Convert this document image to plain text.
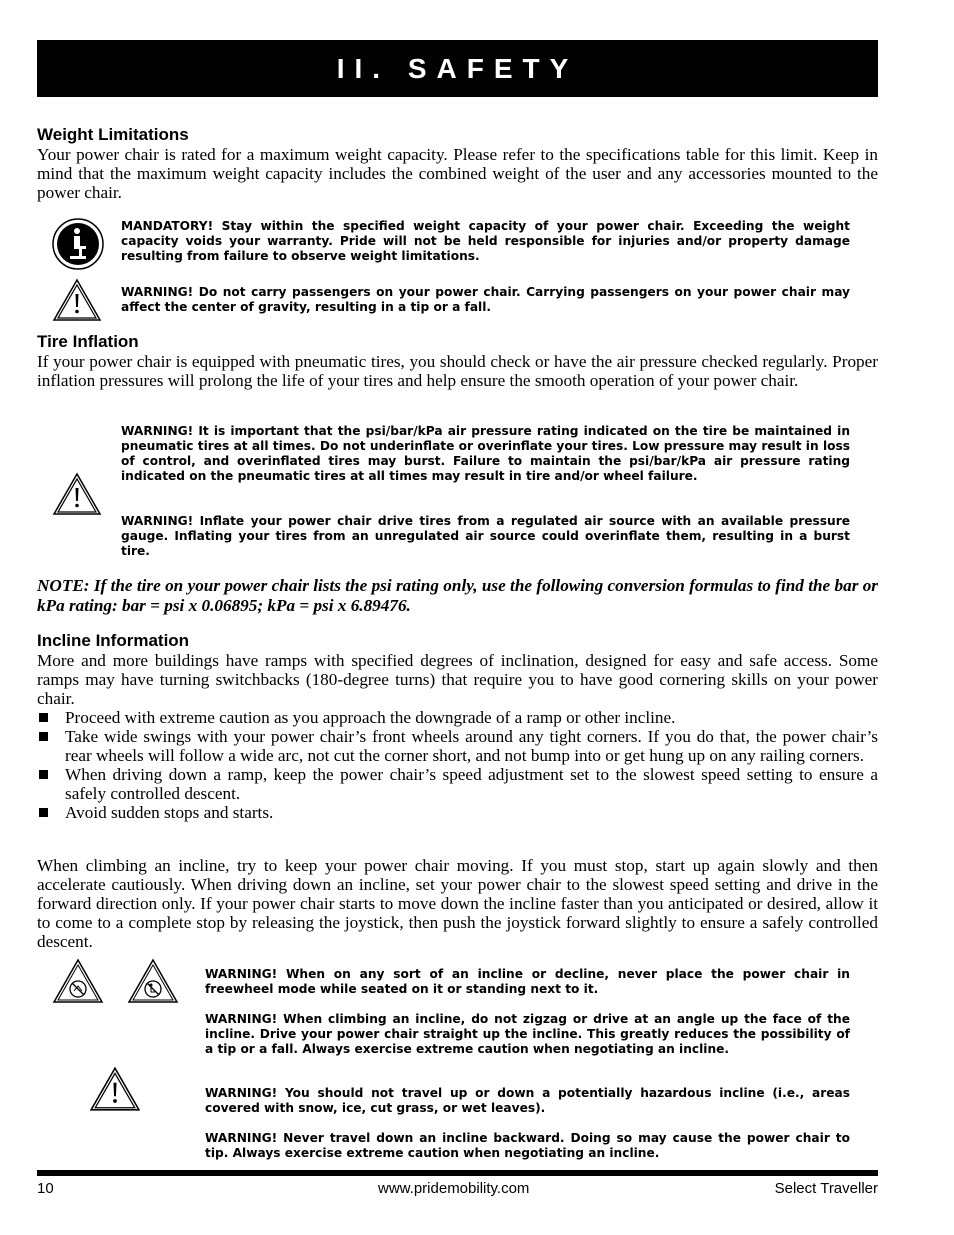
II. SAFETY
Weight Limitations

Your power chair is rated for a maximum weight capacity. Please refer to the specifications table for this limit. Keep in mind that the maximum weight capacity includes the combined weight of the user and any accessories mounted to the power chair.

MANDATORY! Stay within the specified weight capacity of your power chair. Exceeding the weight capacity voids your warranty. Pride will not be held responsible for injuries and/or property damage resulting from failure to observe weight limitations.

WARNING! Do not carry passengers on your power chair. Carrying passengers on your power chair may affect the center of gravity, resulting in a tip or a fall.

Tire Inflation

If your power chair is equipped with pneumatic tires, you should check or have the air pressure checked regularly. Proper inflation pressures will prolong the life of your tires and help ensure the smooth operation of your power chair.

WARNING! It is important that the psi/bar/kPa air pressure rating indicated on the tire be maintained in pneumatic tires at all times. Do not underinflate or overinflate your tires. Low pressure may result in loss of control, and overinflated tires may burst. Failure to maintain the psi/bar/kPa air pressure rating indicated on the pneumatic tires at all times may result in tire and/or wheel failure.

WARNING! Inflate your power chair drive tires from a regulated air source with an available pressure gauge. Inflating your tires from an unregulated air source could overinflate them, resulting in a burst tire.

NOTE: If the tire on your power chair lists the psi rating only, use the following conversion formulas to find the bar or kPa rating: bar = psi x 0.06895; kPa = psi x 6.89476.

Incline Information

More and more buildings have ramps with specified degrees of inclination, designed for easy and safe access. Some ramps may have turning switchbacks (180-degree turns) that require you to have good cornering skills on your power chair.

Proceed with extreme caution as you approach the downgrade of a ramp or other incline.
Take wide swings with your power chair’s front wheels around any tight corners. If you do that, the power chair’s rear wheels will follow a wide arc, not cut the corner short, and not bump into or get hung up on any railing corners.
When driving down a ramp, keep the power chair’s speed adjustment set to the slowest speed setting to ensure a safely controlled descent.
Avoid sudden stops and starts.

When climbing an incline, try to keep your power chair moving. If you must stop, start up again slowly and then accelerate cautiously. When driving down an incline, set your power chair to the slowest speed setting and drive in the forward direction only. If your power chair starts to move down the incline faster than you anticipated or desired, allow it to come to a complete stop by releasing the joystick, then push the joystick forward slightly to ensure a safely controlled descent.

WARNING! When on any sort of an incline or decline, never place the power chair in freewheel mode while seated on it or standing next to it.

WARNING! When climbing an incline, do not zigzag or drive at an angle up the face of the incline. Drive your power chair straight up the incline. This greatly reduces the possibility of a tip or a fall. Always exercise extreme caution when negotiating an incline.

WARNING! You should not travel up or down a potentially hazardous incline (i.e., areas covered with snow, ice, cut grass, or wet leaves).

WARNING! Never travel down an incline backward. Doing so may cause the power chair to tip. Always exercise extreme caution when negotiating an incline.

10	www.pridemobility.com	Select Traveller
